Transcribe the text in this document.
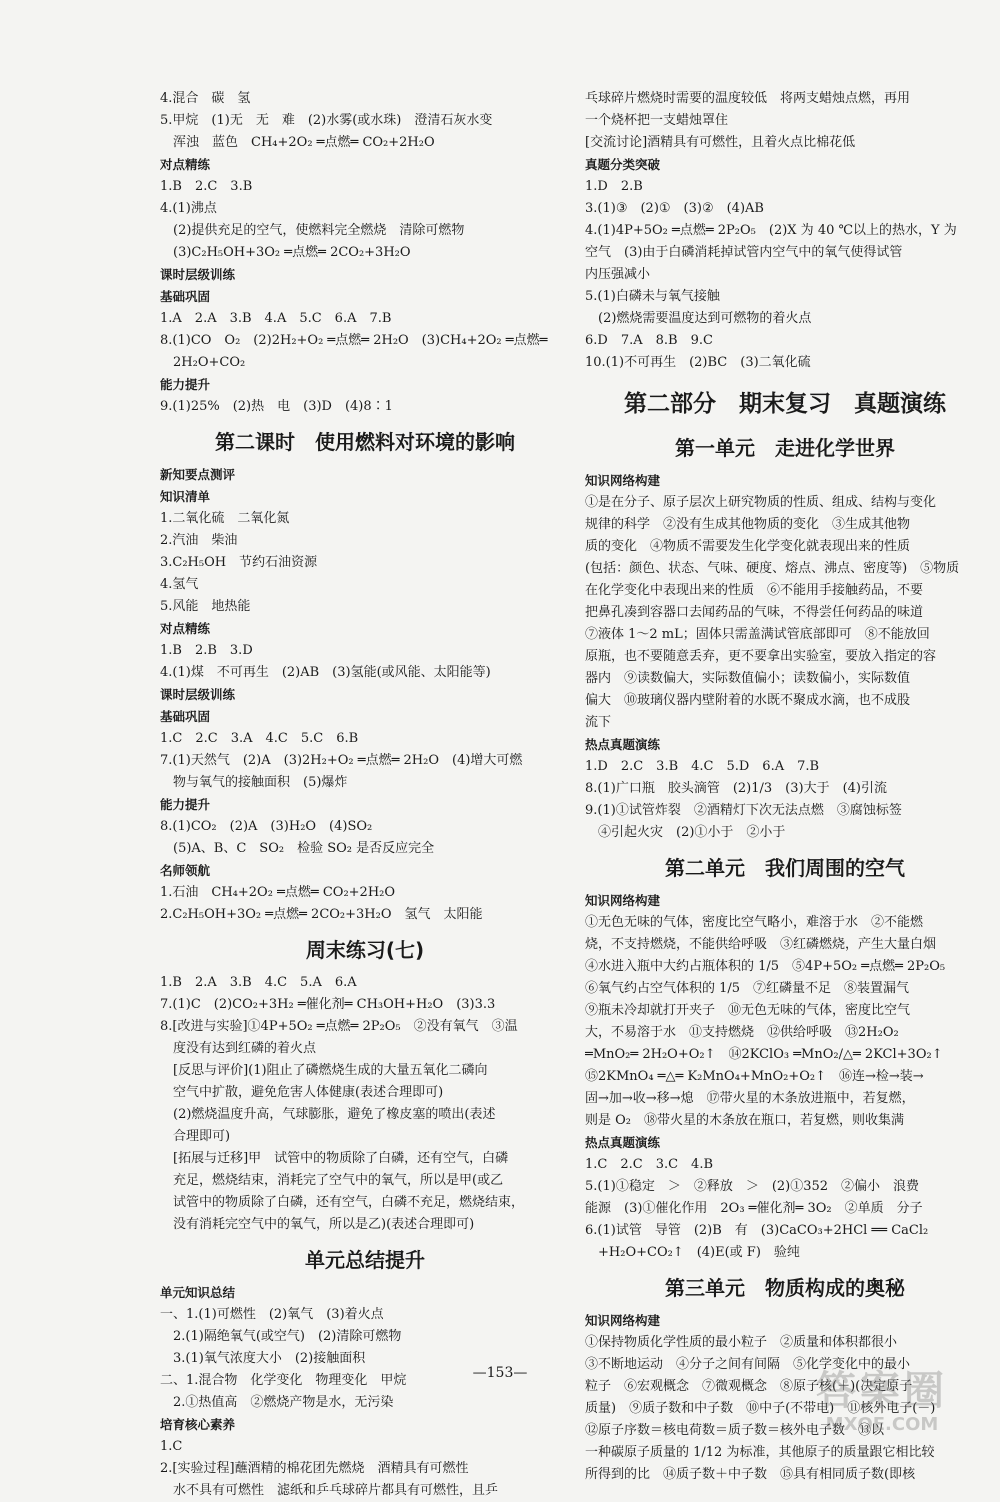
4.混合　碳　氢
5.甲烷　(1)无　无　难　(2)水雾(或水珠)　澄清石灰水变
　浑浊　蓝色　CH₄+2O₂ ═点燃═ CO₂+2H₂O
对点精练
1.B　2.C　3.B
4.(1)沸点
　(2)提供充足的空气，使燃料完全燃烧　清除可燃物
　(3)C₂H₅OH+3O₂ ═点燃═ 2CO₂+3H₂O
课时层级训练
基础巩固
1.A　2.A　3.B　4.A　5.C　6.A　7.B
8.(1)CO　O₂　(2)2H₂+O₂ ═点燃═ 2H₂O　(3)CH₄+2O₂ ═点燃═
　2H₂O+CO₂
能力提升
9.(1)25%　(2)热　电　(3)D　(4)8∶1
第二课时　使用燃料对环境的影响
新知要点测评
知识清单
1.二氧化硫　二氧化氮
2.汽油　柴油
3.C₂H₅OH　节约石油资源
4.氢气
5.风能　地热能
对点精练
1.B　2.B　3.D
4.(1)煤　不可再生　(2)AB　(3)氢能(或风能、太阳能等)
课时层级训练
基础巩固
1.C　2.C　3.A　4.C　5.C　6.B
7.(1)天然气　(2)A　(3)2H₂+O₂ ═点燃═ 2H₂O　(4)增大可燃
　物与氧气的接触面积　(5)爆炸
能力提升
8.(1)CO₂　(2)A　(3)H₂O　(4)SO₂
　(5)A、B、C　SO₂　检验 SO₂ 是否反应完全
名师领航
1.石油　CH₄+2O₂ ═点燃═ CO₂+2H₂O
2.C₂H₅OH+3O₂ ═点燃═ 2CO₂+3H₂O　氢气　太阳能
周末练习(七)
1.B　2.A　3.B　4.C　5.A　6.A
7.(1)C　(2)CO₂+3H₂ ═催化剂═ CH₃OH+H₂O　(3)3.3
8.[改进与实验]①4P+5O₂ ═点燃═ 2P₂O₅　②没有氧气　③温
　度没有达到红磷的着火点
　[反思与评价](1)阻止了磷燃烧生成的大量五氧化二磷向
　空气中扩散，避免危害人体健康(表述合理即可)
　(2)燃烧温度升高，气球膨胀，避免了橡皮塞的喷出(表述
　合理即可)
　[拓展与迁移]甲　试管中的物质除了白磷，还有空气，白磷
　充足，燃烧结束，消耗完了空气中的氧气，所以是甲(或乙
　试管中的物质除了白磷，还有空气，白磷不充足，燃烧结束，
　没有消耗完空气中的氧气，所以是乙)(表述合理即可)
单元总结提升
单元知识总结
一、1.(1)可燃性　(2)氧气　(3)着火点
　2.(1)隔绝氧气(或空气)　(2)清除可燃物
　3.(1)氧气浓度大小　(2)接触面积
二、1.混合物　化学变化　物理变化　甲烷
　2.①热值高　②燃烧产物是水，无污染
培育核心素养
1.C
2.[实验过程]蘸酒精的棉花团先燃烧　酒精具有可燃性
　水不具有可燃性　滤纸和乒乓球碎片都具有可燃性，且乒
乓球碎片燃烧时需要的温度较低　将两支蜡烛点燃，再用
一个烧杯把一支蜡烛罩住
[交流讨论]酒精具有可燃性，且着火点比棉花低
真题分类突破
1.D　2.B
3.(1)③　(2)①　(3)②　(4)AB
4.(1)4P+5O₂ ═点燃═ 2P₂O₅　(2)X 为 40 ℃以上的热水，Y 为
空气　(3)由于白磷消耗掉试管内空气中的氧气使得试管
内压强减小
5.(1)白磷未与氧气接触
　(2)燃烧需要温度达到可燃物的着火点
6.D　7.A　8.B　9.C
10.(1)不可再生　(2)BC　(3)二氧化硫
第二部分　期末复习　真题演练
第一单元　走进化学世界
知识网络构建
①是在分子、原子层次上研究物质的性质、组成、结构与变化
规律的科学　②没有生成其他物质的变化　③生成其他物
质的变化　④物质不需要发生化学变化就表现出来的性质
(包括：颜色、状态、气味、硬度、熔点、沸点、密度等)　⑤物质
在化学变化中表现出来的性质　⑥不能用手接触药品，不要
把鼻孔凑到容器口去闻药品的气味，不得尝任何药品的味道
⑦液体 1～2 mL；固体只需盖满试管底部即可　⑧不能放回
原瓶，也不要随意丢弃，更不要拿出实验室，要放入指定的容
器内　⑨读数偏大，实际数值偏小；读数偏小，实际数值
偏大　⑩玻璃仪器内壁附着的水既不聚成水滴，也不成股
流下
热点真题演练
1.D　2.C　3.B　4.C　5.D　6.A　7.B
8.(1)广口瓶　胶头滴管　(2)1/3　(3)大于　(4)引流
9.(1)①试管炸裂　②酒精灯下次无法点燃　③腐蚀标签
　④引起火灾　(2)①小于　②小于
第二单元　我们周围的空气
知识网络构建
①无色无味的气体，密度比空气略小，难溶于水　②不能燃
烧，不支持燃烧，不能供给呼吸　③红磷燃烧，产生大量白烟
④水进入瓶中大约占瓶体积的 1/5　⑤4P+5O₂ ═点燃═ 2P₂O₅
⑥氧气约占空气体积的 1/5　⑦红磷量不足　⑧装置漏气
⑨瓶未冷却就打开夹子　⑩无色无味的气体，密度比空气
大，不易溶于水　⑪支持燃烧　⑫供给呼吸　⑬2H₂O₂
═MnO₂═ 2H₂O+O₂↑　⑭2KClO₃ ═MnO₂/△═ 2KCl+3O₂↑
⑮2KMnO₄ ═△═ K₂MnO₄+MnO₂+O₂↑　⑯连→检→装→
固→加→收→移→熄　⑰带火星的木条放进瓶中，若复燃，
则是 O₂　⑱带火星的木条放在瓶口，若复燃，则收集满
热点真题演练
1.C　2.C　3.C　4.B
5.(1)①稳定　＞　②释放　＞　(2)①352　②偏小　浪费
能源　(3)①催化作用　2O₃ ═催化剂═ 3O₂　②单质　分子
6.(1)试管　导管　(2)B　有　(3)CaCO₃+2HCl ══ CaCl₂
　+H₂O+CO₂↑　(4)E(或 F)　验纯
第三单元　物质构成的奥秘
知识网络构建
①保持物质化学性质的最小粒子　②质量和体积都很小
③不断地运动　④分子之间有间隔　⑤化学变化中的最小
粒子　⑥宏观概念　⑦微观概念　⑧原子核(＋)(决定原子
质量)　⑨质子数和中子数　⑩中子(不带电)　⑪核外电子(－)
⑫原子序数＝核电荷数＝质子数＝核外电子数　⑬以
一种碳原子质量的 1/12 为标准，其他原子的质量跟它相比较
所得到的比　⑭质子数＋中子数　⑮具有相同质子数(即核
—153—	答案圈
MXQE.COM
